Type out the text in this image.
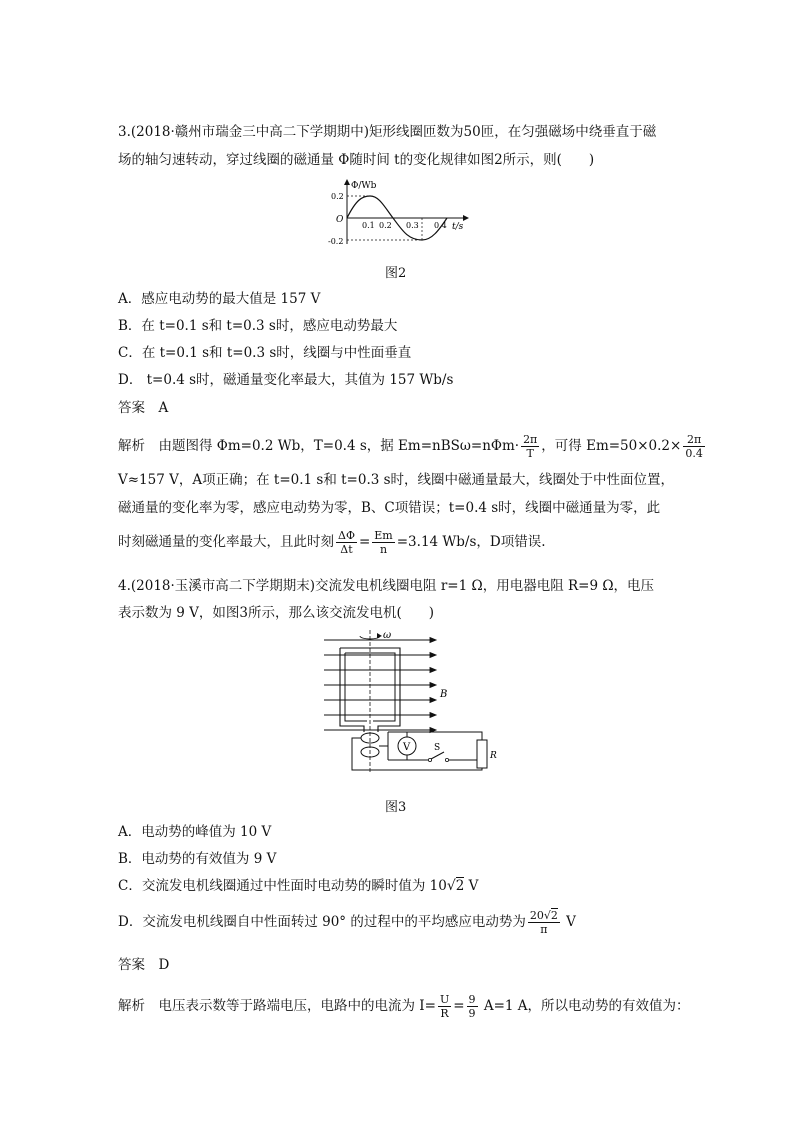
3.(2018·赣州市瑞金三中高二下学期期中)矩形线圈匝数为50匝，在匀强磁场中绕垂直于磁
场的轴匀速转动，穿过线圈的磁通量 Φ随时间 t的变化规律如图2所示，则(　　)
Φ/Wb
t/s
O
0.2
-0.2
0.1 0.2 0.3 0.4
图2
A．感应电动势的最大值是 157 V
B．在 t=0.1 s和 t=0.3 s时，感应电动势最大
C．在 t=0.1 s和 t=0.3 s时，线圈与中性面垂直
D． t=0.4 s时，磁通量变化率最大，其值为 157 Wb/s
答案　A
解析　由题图得 Φm=0.2 Wb，T=0.4 s，据 $Em=nBS\omega=n\Phi m\cdot \frac{2\pi}{T}$ ，可得 $Em=50\times 0.2\times \frac{2\pi}{0.4}$
V≈157 V，A项正确；在 t=0.1 s和 t=0.3 s时，线圈中磁通量最大，线圈处于中性面位置，
磁通量的变化率为零，感应电动势为零，B、C项错误；t=0.4 s时，线圈中磁通量为零，此
时刻磁通量的变化率最大，且此时刻 $\frac{\Delta\Phi}{\Delta t} = \frac{Em}{n} =3.14$ Wb/s，D项错误.
4.(2018·玉溪市高二下学期期末)交流发电机线圈电阻 r=1 Ω，用电器电阻 R=9 Ω，电压
表示数为 9 V，如图3所示，那么该交流发电机(　　)
ω
B
V	S
R
图3
A．电动势的峰值为 10 V
B．电动势的有效值为 9 V
C．交流发电机线圈通过中性面时电动势的瞬时值为 10√2 V
D．交流发电机线圈自中性面转过 90° 的过程中的平均感应电动势为 $\frac{20√2}{\pi}$ V
答案　D
解析　电压表示数等于路端电压，电路中的电流为 $I= \frac{U}{R} = \frac{9}{9} A=1$ A，所以电动势的有效值为：
